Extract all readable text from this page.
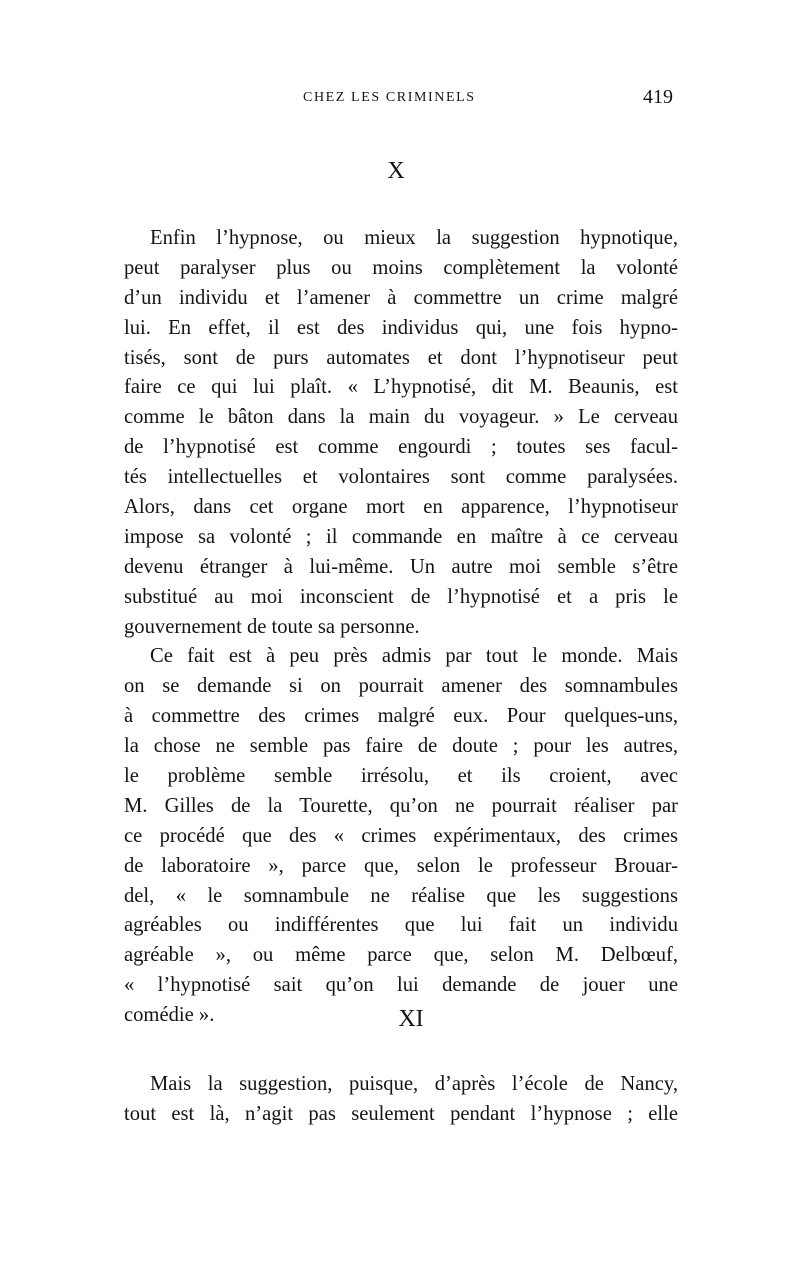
CHEZ LES CRIMINELS	419
X
Enfin l’hypnose, ou mieux la suggestion hypnotique,
peut paralyser plus ou moins complètement la volonté
d’un individu et l’amener à commettre un crime malgré
lui. En effet, il est des individus qui, une fois hypno-
tisés, sont de purs automates et dont l’hypnotiseur peut
faire ce qui lui plaît. « L’hypnotisé, dit M. Beaunis, est
comme le bâton dans la main du voyageur. » Le cerveau
de l’hypnotisé est comme engourdi ; toutes ses facul-
tés intellectuelles et volontaires sont comme paralysées.
Alors, dans cet organe mort en apparence, l’hypnotiseur
impose sa volonté ; il commande en maître à ce cerveau
devenu étranger à lui-même. Un autre moi semble s’être
substitué au moi inconscient de l’hypnotisé et a pris le
gouvernement de toute sa personne.
Ce fait est à peu près admis par tout le monde. Mais
on se demande si on pourrait amener des somnambules
à commettre des crimes malgré eux. Pour quelques-uns,
la chose ne semble pas faire de doute ; pour les autres,
le problème semble irrésolu, et ils croient, avec
M. Gilles de la Tourette, qu’on ne pourrait réaliser par
ce procédé que des « crimes expérimentaux, des crimes
de laboratoire », parce que, selon le professeur Brouar-
del, « le somnambule ne réalise que les suggestions
agréables ou indifférentes que lui fait un individu
agréable », ou même parce que, selon M. Delbœuf,
« l’hypnotisé sait qu’on lui demande de jouer une
comédie ».	XI
Mais la suggestion, puisque, d’après l’école de Nancy,
tout est là, n’agit pas seulement pendant l’hypnose ; elle
